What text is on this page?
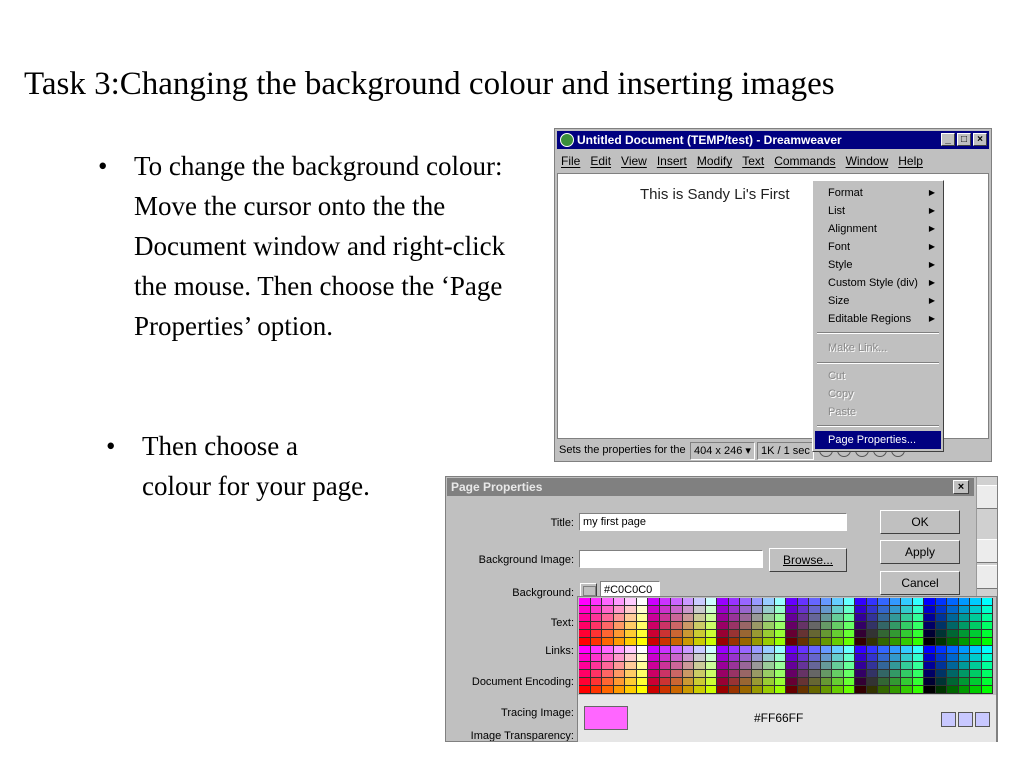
Task 3:Changing the background colour and inserting images
• To change the background colour: Move the cursor onto the the Document window and right-click the mouse. Then choose the ‘Page Properties’ option.
• Then choose a colour for your page.
Untitled Document (TEMP/test) - Dreamweaver	_	□	×
File Edit View Insert Modify Text Commands Window Help
This is Sandy Li's First
Sets the properties for the 404 x 246 ▾ 1K / 1 sec
Format	▶
List	▶
Alignment	▶
Font	▶
Style	▶
Custom Style (div) ▶
Size	▶
Editable Regions ▶
Make Link...
Cut
Copy
Paste
Page Properties...
Page Properties	×
Title: my first page
Background Image:	Browse...
Background:	#C0C0C0
Text:
Links:
Document Encoding:
Tracing Image:
Image Transparency:
OK
Apply
Cancel
#FF66FF
